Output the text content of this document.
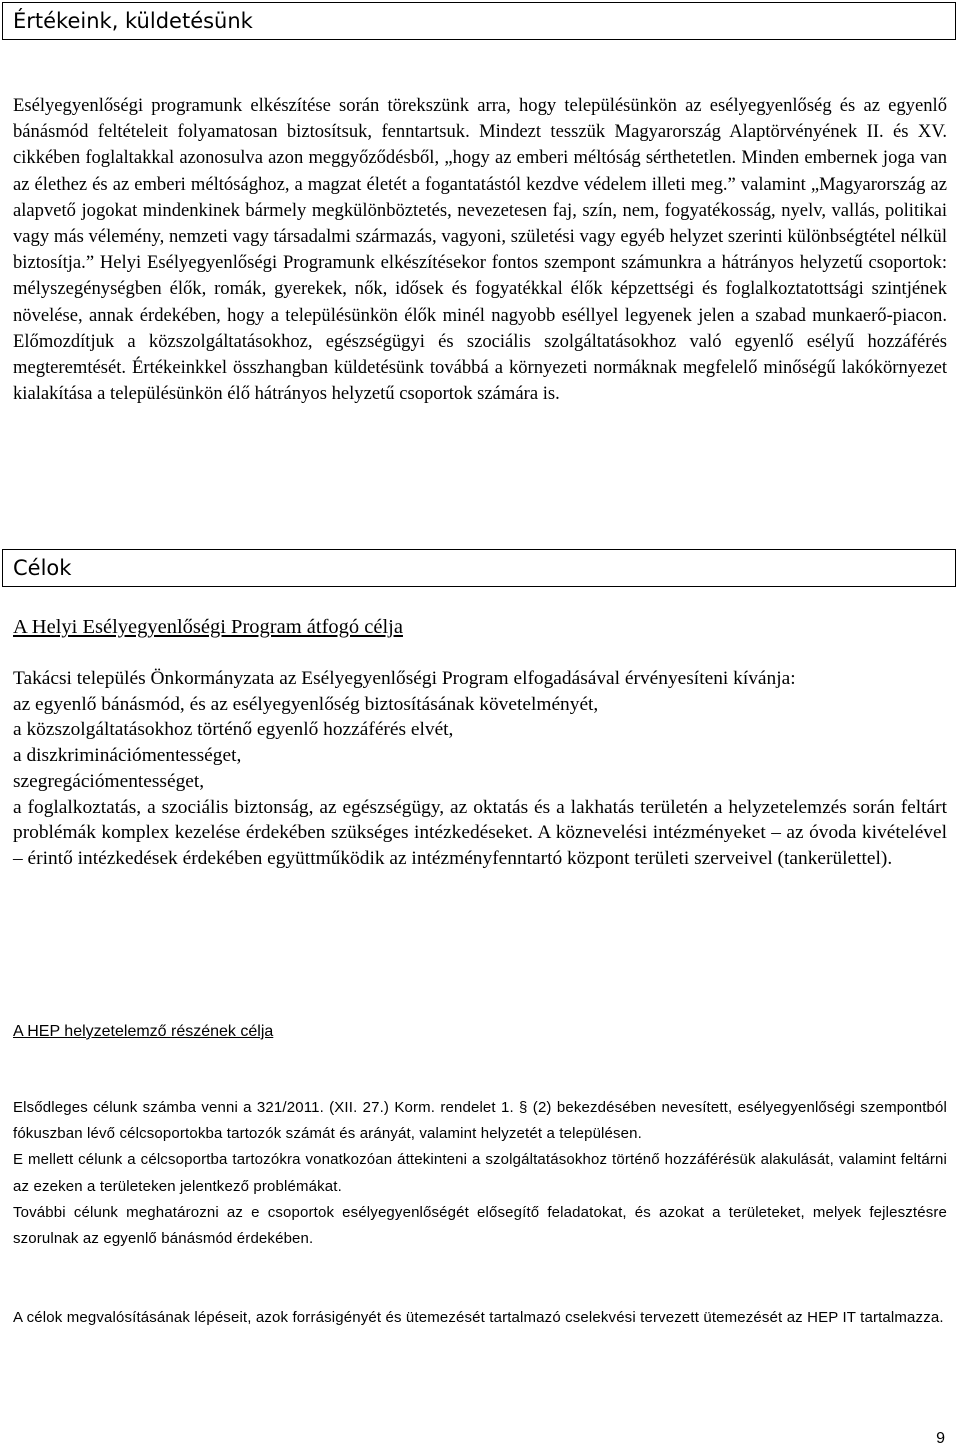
Értékeink, küldetésünk

Esélyegyenlőségi programunk elkészítése során törekszünk arra, hogy településünkön az esélyegyenlőség és az egyenlő bánásmód feltételeit folyamatosan biztosítsuk, fenntartsuk. Mindezt tesszük Magyarország Alaptörvényének II. és XV. cikkében foglaltakkal azonosulva azon meggyőződésből, „hogy az emberi méltóság sérthetetlen. Minden embernek joga van az élethez és az emberi méltósághoz, a magzat életét a fogantatástól kezdve védelem illeti meg.” valamint „Magyarország az alapvető jogokat mindenkinek bármely megkülönböztetés, nevezetesen faj, szín, nem, fogyatékosság, nyelv, vallás, politikai vagy más vélemény, nemzeti vagy társadalmi származás, vagyoni, születési vagy egyéb helyzet szerinti különbségtétel nélkül biztosítja.” Helyi Esélyegyenlőségi Programunk elkészítésekor fontos szempont számunkra a hátrányos helyzetű csoportok: mélyszegénységben élők, romák, gyerekek, nők, idősek és fogyatékkal élők képzettségi és foglalkoztatottsági szintjének növelése, annak érdekében, hogy a településünkön élők minél nagyobb eséllyel legyenek jelen a szabad munkaerő-piacon. Előmozdítjuk a közszolgáltatásokhoz, egészségügyi és szociális szolgáltatásokhoz való egyenlő esélyű hozzáférés megteremtését. Értékeinkkel összhangban küldetésünk továbbá a környezeti normáknak megfelelő minőségű lakókörnyezet kialakítása a településünkön élő hátrányos helyzetű csoportok számára is.

Célok
A Helyi Esélyegyenlőségi Program átfogó célja
Takácsi település Önkormányzata az Esélyegyenlőségi Program elfogadásával érvényesíteni kívánja:
az egyenlő bánásmód, és az esélyegyenlőség biztosításának követelményét,
a közszolgáltatásokhoz történő egyenlő hozzáférés elvét,
a diszkriminációmentességet,
szegregációmentességet,
a foglalkoztatás, a szociális biztonság, az egészségügy, az oktatás és a lakhatás területén a helyzetelemzés során feltárt problémák komplex kezelése érdekében szükséges intézkedéseket. A köznevelési intézményeket – az óvoda kivételével – érintő intézkedések érdekében együttműködik az intézményfenntartó központ területi szerveivel (tankerülettel).
A HEP helyzetelemző részének célja

Elsődleges célunk számba venni a 321/2011. (XII. 27.) Korm. rendelet 1. § (2) bekezdésében nevesített, esélyegyenlőségi szempontból fókuszban lévő célcsoportokba tartozók számát és arányát, valamint helyzetét a településen.

E mellett célunk a célcsoportba tartozókra vonatkozóan áttekinteni a szolgáltatásokhoz történő hozzáférésük alakulását, valamint feltárni az ezeken a területeken jelentkező problémákat.

További célunk meghatározni az e csoportok esélyegyenlőségét elősegítő feladatokat, és azokat a területeket, melyek fejlesztésre szorulnak az egyenlő bánásmód érdekében.

A célok megvalósításának lépéseit, azok forrásigényét és ütemezését tartalmazó cselekvési tervezett ütemezését az HEP IT tartalmazza.

9
